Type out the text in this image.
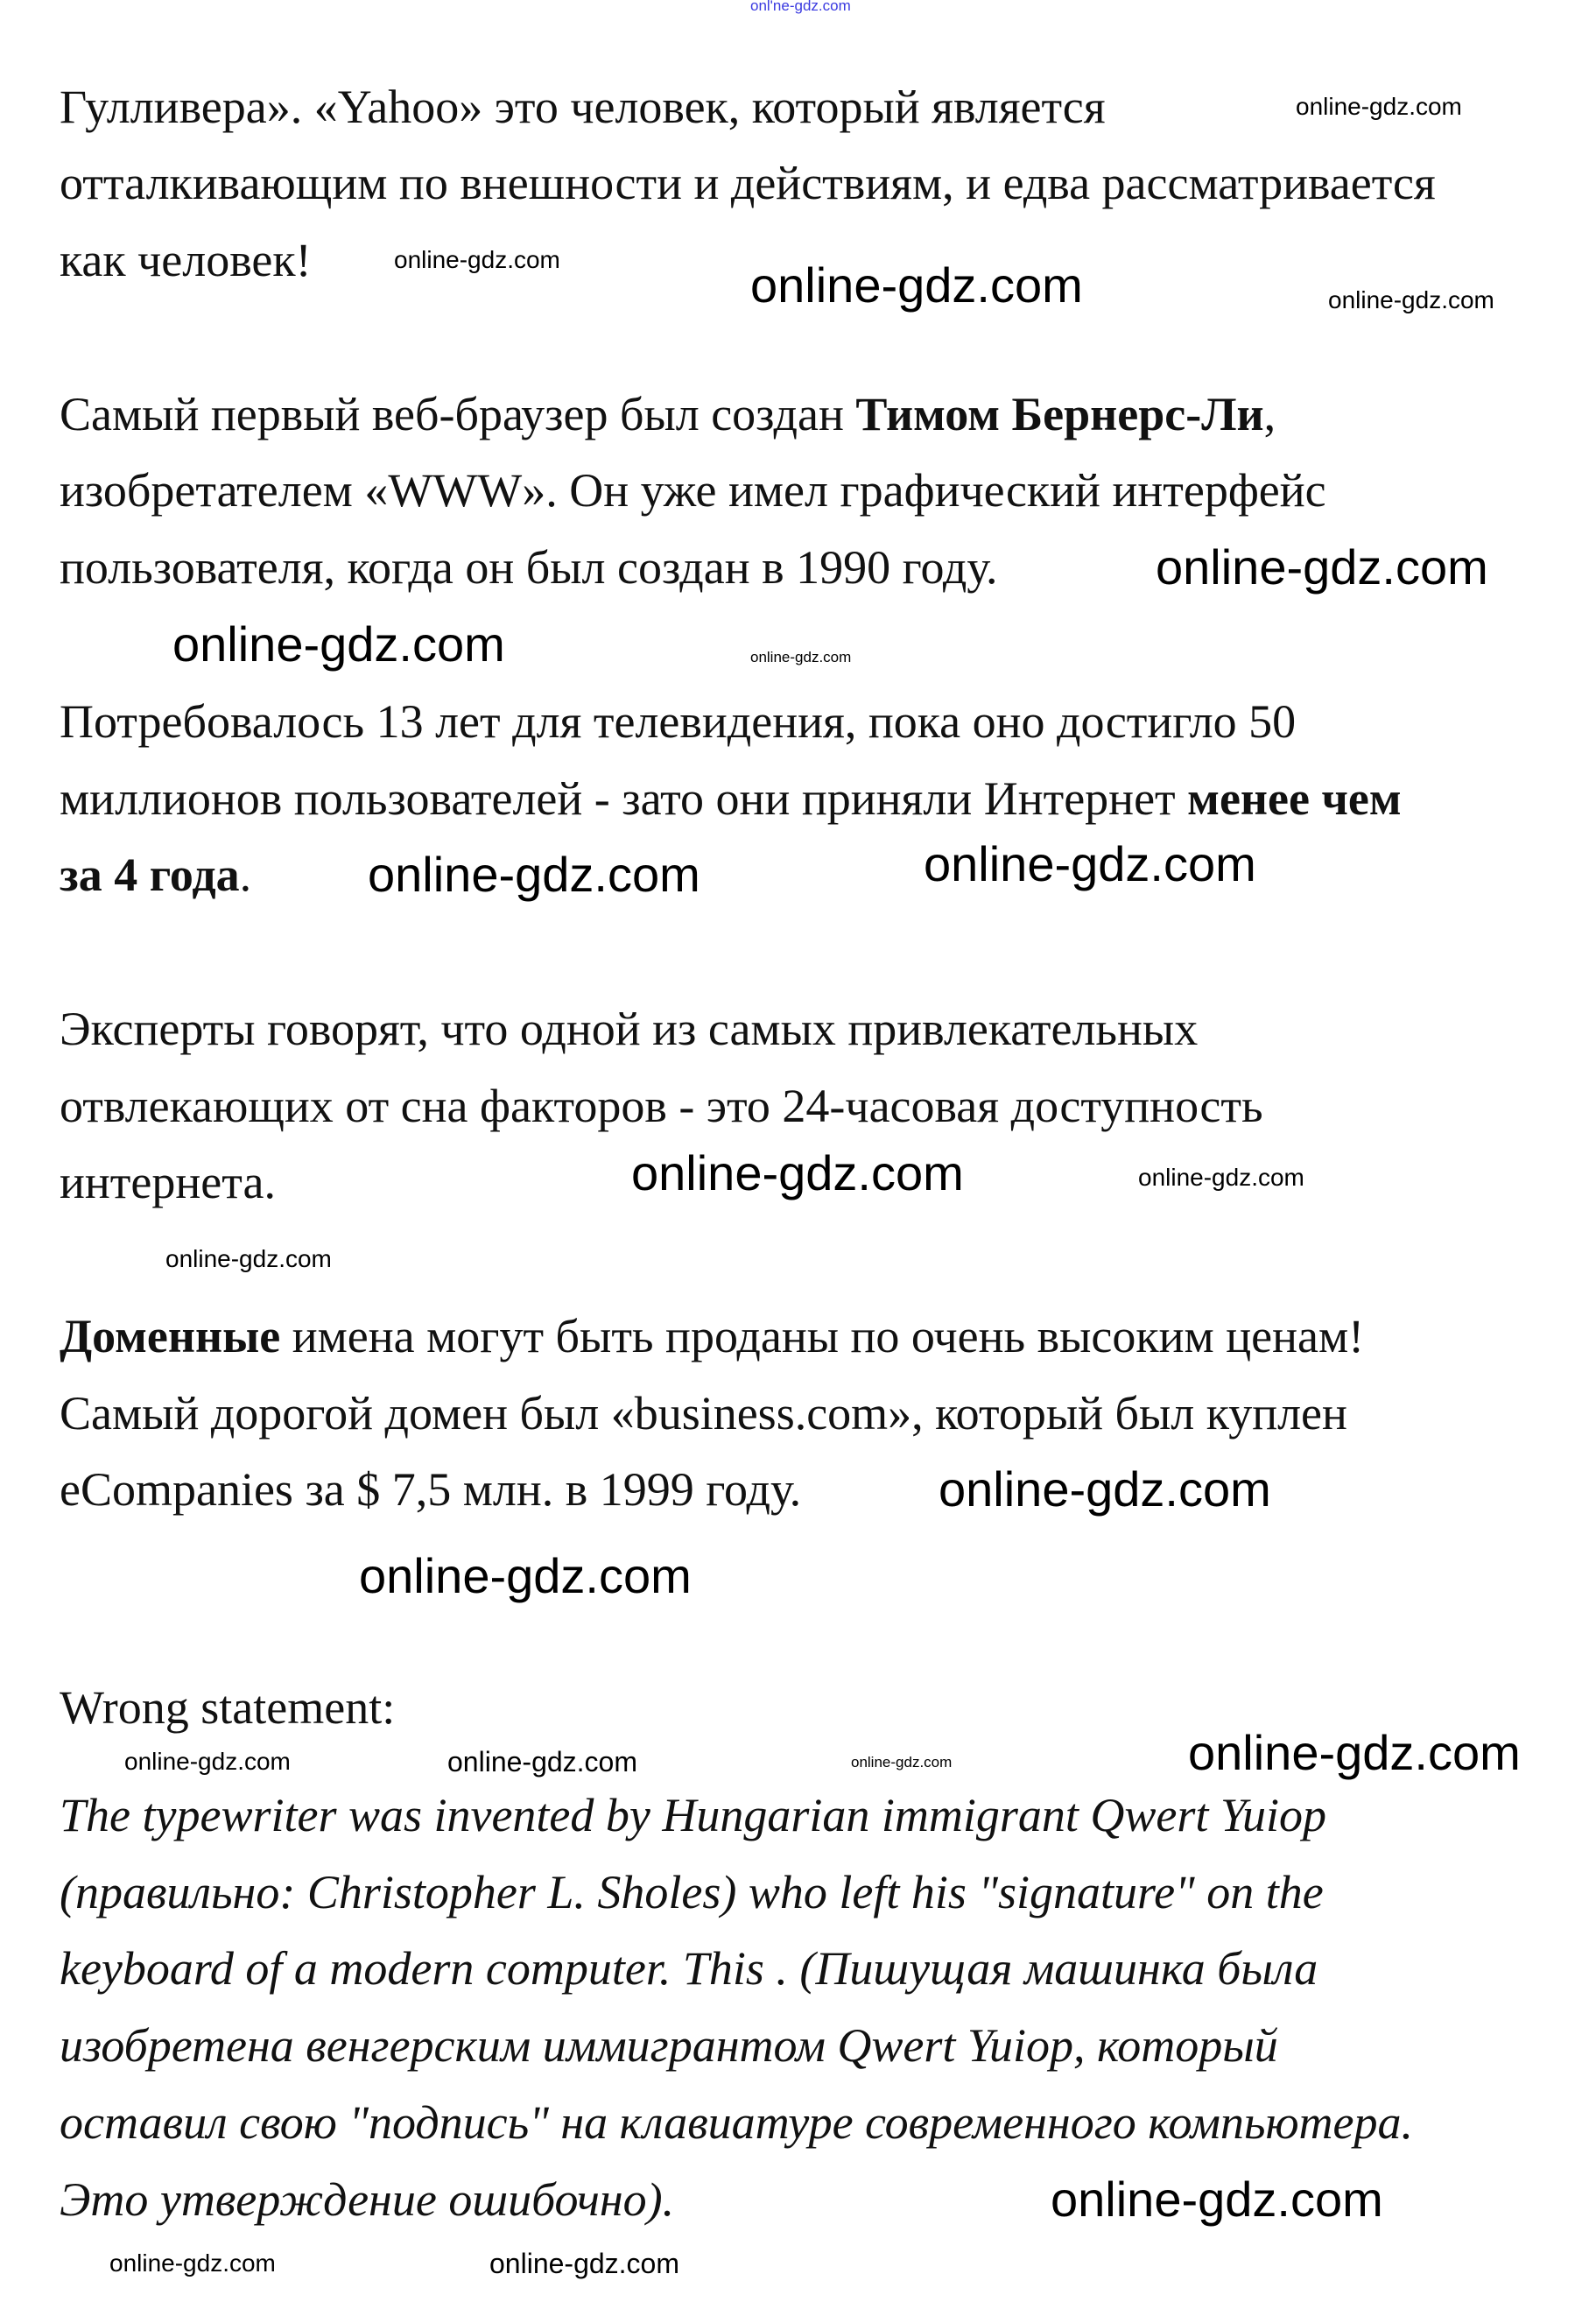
Гулливера». «Yahoo» это человек, который является
отталкивающим по внешности и действиям, и едва рассматривается
как человек!
Самый первый веб-браузер был создан Тимом Бернерс-Ли,
изобретателем «WWW». Он уже имел графический интерфейс
пользователя, когда он был создан в 1990 году.
Потребовалось 13 лет для телевидения, пока оно достигло 50
миллионов пользователей - зато они приняли Интернет менее чем
за 4 года.
Эксперты говорят, что одной из самых привлекательных
отвлекающих от сна факторов - это 24-часовая доступность
интернета.
Доменные имена могут быть проданы по очень высоким ценам!
Самый дорогой домен был «business.com», который был куплен
eCompanies за $ 7,5 млн. в 1999 году.
Wrong statement:
The typewriter was invented by Hungarian immigrant Qwert Yuiop
(правильно: Christopher L. Sholes) who left his "signature" on the
keyboard of a modern computer. This . (Пишущая машинка была
изобретена венгерским иммигрантом Qwert Yuiop, который
оставил свою "подпись" на клавиатуре современного компьютера.
Это утверждение ошибочно).
onl'ne-gdz.com
online-gdz.com
online-gdz.com	online-gdz.com	online-gdz.com
online-gdz.com
online-gdz.com
online-gdz.com
online-gdz.com	online-gdz.com
online-gdz.com	online-gdz.com
online-gdz.com
online-gdz.com
online-gdz.com
online-gdz.com
online-gdz.com	online-gdz.com	online-gdz.com
online-gdz.com	online-gdz.com
online-gdz.com
